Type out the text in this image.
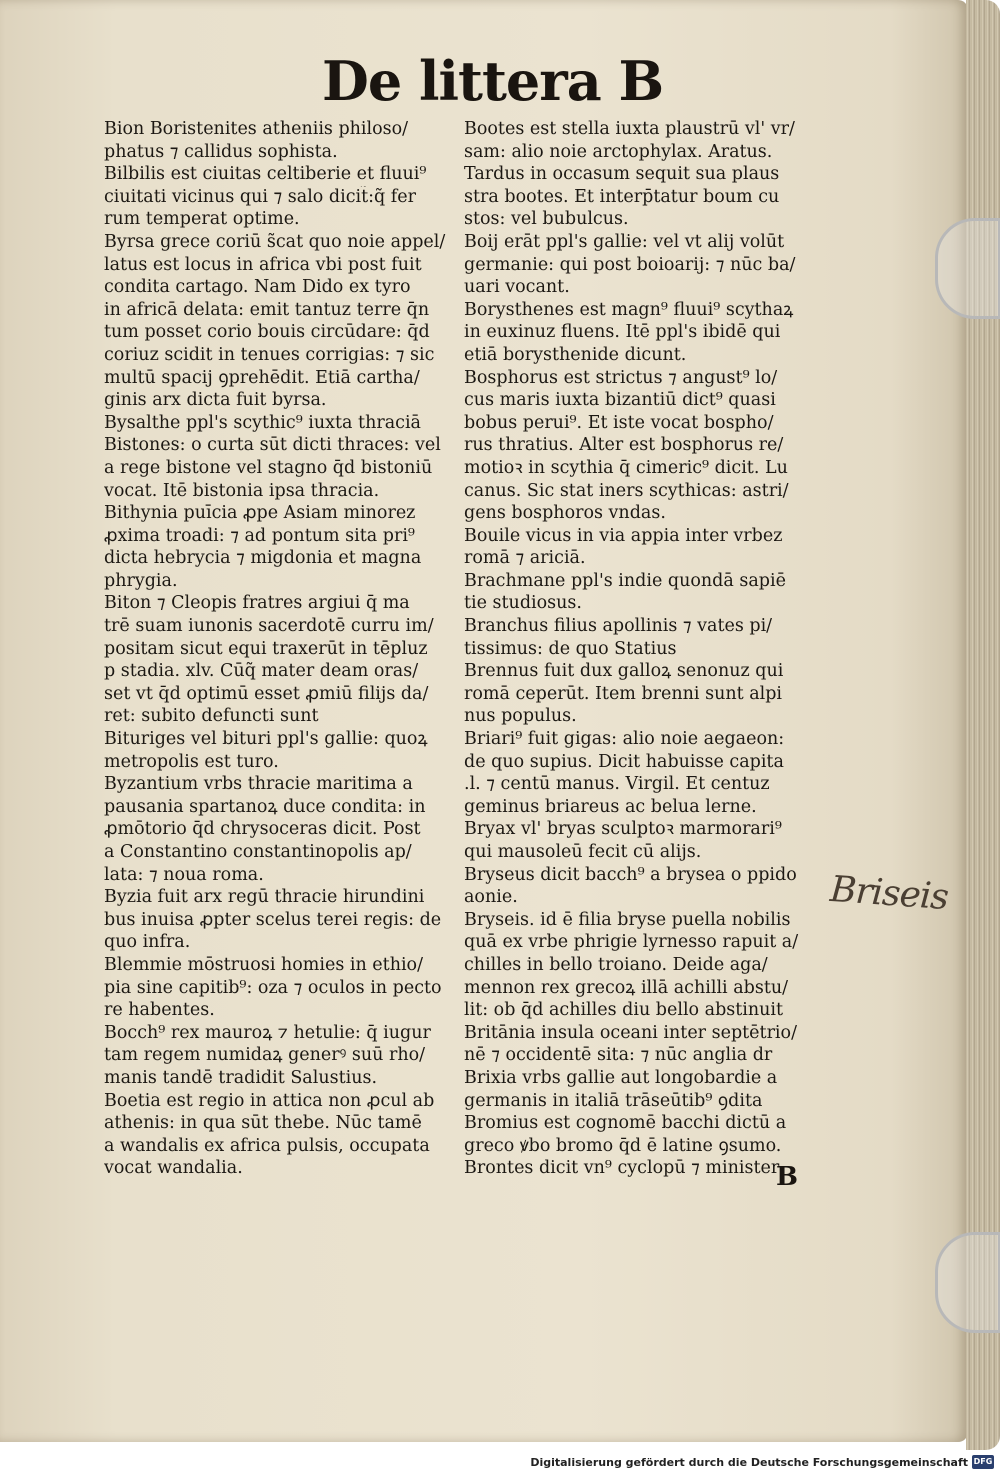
De littera B
Bion Boristenites atheniis philoso/
phatus ⁊ callidus sophista.
Bilbilis est ciuitas celtiberie et fluui⁹
ciuitati vicinus qui ⁊ salo dicit̃:q̃ fer
rum temperat optime.
Byrsa grece coriū s̃cat quo noie appel/
latus est locus in africa vbi post fuit
condita cartago. Nam Dido ex tyro
in africā delata: emit tantuz terre q̄n
tum posset corio bouis circūdare: q̄d
coriuz scidit in tenues corrigias: ⁊ sic
multū spacij ꝯprehēdit. Etiā cartha/
ginis arx dicta fuit byrsa.
Bysalthe ppl's scythic⁹ iuxta thraciā
Bistones: o curta sūt dicti thraces: vel
a rege bistone vel stagno q̄d bistoniū
vocat. Itē bistonia ipsa thracia.
Bithynia puīcia ꝓpe Asiam minorez
ꝓxima troadi: ⁊ ad pontum sita pri⁹
dicta hebrycia ⁊ migdonia et magna
phrygia.
Biton ⁊ Cleopis fratres argiui q̄ ma
trē suam iunonis sacerdotē curru im/
positam sicut equi traxerūt in tēpluz
p stadia. xlv. Cūq̃ mater deam oras/
set vt q̄d optimū esset ꝓmiū filijs da/
ret: subito defuncti sunt
Bituriges vel bituri ppl's gallie: quoꝝ
metropolis est turo.
Byzantium vrbs thracie maritima a
pausania spartanoꝝ duce condita: in
ꝓmōtorio q̄d chrysoceras dicit. Post
a Constantino constantinopolis ap/
lata: ⁊ noua roma.
Byzia fuit arx regū thracie hirundini
bus inuisa ꝓpter scelus terei regis: de
quo infra.
Blemmie mōstruosi homies in ethio/
pia sine capitib⁹: oza ⁊ oculos in pecto
re habentes.
Bocch⁹ rex mauroꝝ ⁊ hetulie: q̄ iugur
tam regem numidaꝝ generꝰ suū rho/
manis tandē tradidit Salustius.
Boetia est regio in attica non ꝓcul ab
athenis: in qua sūt thebe. Nūc tamē
a wandalis ex africa pulsis, occupata
vocat wandalia.
Bootes est stella iuxta plaustrū vl' vr/
sam: alio noie arctophylax. Aratus.
Tardus in occasum sequit sua plaus
stra bootes. Et interp̄tatur boum cu
stos: vel bubulcus.
Boij erāt ppl's gallie: vel vt alij volūt
germanie: qui post boioarij: ⁊ nūc ba/
uari vocant.
Borysthenes est magn⁹ fluui⁹ scythaꝝ
in euxinuz fluens. Itē ppl's ibidē qui
etiā borysthenide dicunt.
Bosphorus est strictus ⁊ angust⁹ lo/
cus maris iuxta bizantiū dict⁹ quasi
bobus perui⁹. Et iste vocat bospho/
rus thratius. Alter est bosphorus re/
motioꝛ in scythia q̄ cimeric⁹ dicit. Lu
canus. Sic stat iners scythicas: astri/
gens bosphoros vndas.
Bouile vicus in via appia inter vrbez
romā ⁊ ariciā.
Brachmane ppl's indie quondā sapiē
tie studiosus.
Branchus filius apollinis ⁊ vates pi/
tissimus: de quo Statius
Brennus fuit dux galloꝝ senonuz qui
romā ceperūt. Item brenni sunt alpi
nus populus.
Briari⁹ fuit gigas: alio noie aegaeon:
de quo supius. Dicit habuisse capita
.l. ⁊ centū manus. Virgil. Et centuz
geminus briareus ac belua lerne.
Bryax vl' bryas sculptoꝛ marmorari⁹
qui mausoleū fecit cū alijs.
Bryseus dicit bacch⁹ a brysea o ppido
aonie.
Bryseis. id ē filia bryse puella nobilis
quā ex vrbe phrigie lyrnesso rapuit a/
chilles in bello troiano. Deide aga/
mennon rex grecoꝝ illā achilli abstu/
lit: ob q̄d achilles diu bello abstinuit
Britānia insula oceani inter septētrio/
nē ⁊ occidentē sita: ⁊ nūc anglia d̄r
Brixia vrbs gallie aut longobardie a
germanis in italiā trāseūtib⁹ ꝯdita
Bromius est cognomē bacchi dictū a
greco ꝟbo bromo q̄d ē latine ꝯsumo.
Brontes dicit vn⁹ cyclopū ⁊ minister
Briseis
B
Digitalisierung gefördert durch die Deutsche Forschungsgemeinschaft DFG
